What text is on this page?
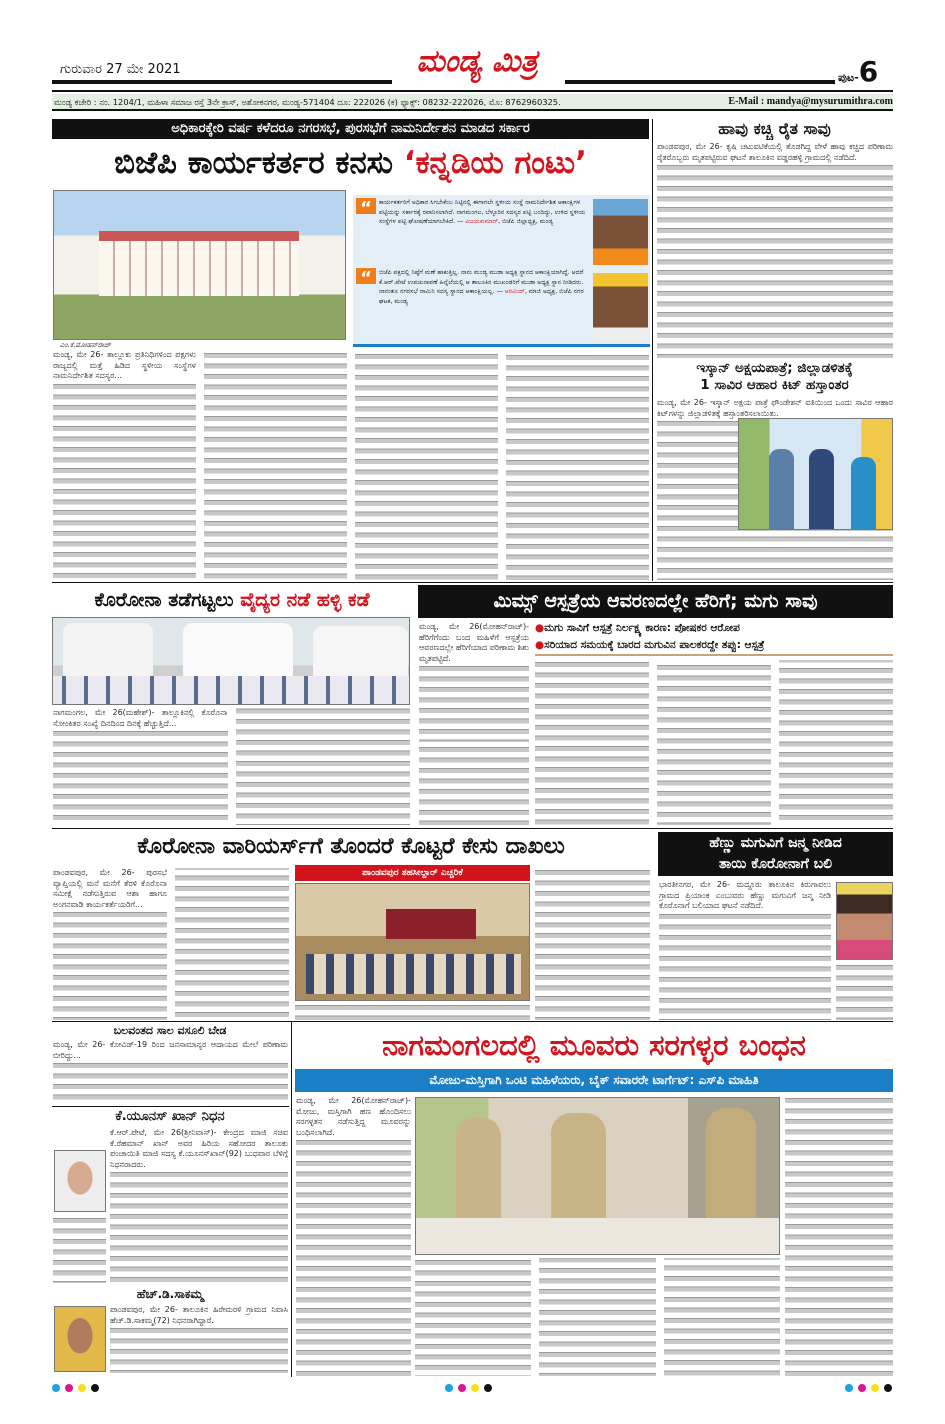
ಗುರುವಾರ 27 ಮೇ 2021	ಮಂಡ್ಯ ಮಿತ್ರ	ಪುಟ-6
ಮಂಡ್ಯ ಕಚೇರಿ : ನಂ. 1204/1, ಮಹಿಳಾ ಸಮಾಜ ರಸ್ತೆ 3ನೇ ಕ್ರಾಸ್, ಅಶೋಕನಗರ, ಮಂಡ್ಯ-571404 ದೂ: 222026 (ಕ) ಫ್ಯಾಕ್ಸ್: 08232-222026, ಮೊ: 8762960325.	E-Mail : mandya@mysurumithra.com
ಅಧಿಕಾರಕ್ಕೇರಿ ವರ್ಷ ಕಳೆದರೂ ನಗರಸಭೆ, ಪುರಸಭೆಗೆ ನಾಮನಿರ್ದೇಶನ ಮಾಡದ ಸರ್ಕಾರ
ಬಿಜೆಪಿ ಕಾರ್ಯಕರ್ತರ ಕನಸು ‘ಕನ್ನಡಿಯ ಗಂಟು’
ಎಂ.ಕೆ.ಮೋಹನ್‌ರಾಜ್
“	ಕಾರ್ಯಕರ್ತರಿಗೆ ಅಧಿಕಾರ ಸಿಗಬೇಕೆಂಬ ನಿಟ್ಟಿನಲ್ಲಿ ಈಗಾಗಲೇ ಸ್ಥಳೀಯ ಸಂಸ್ಥೆ ನಾಮನಿರ್ದೇಶಿತ ಆಕಾಂಕ್ಷಿಗಳ ಪಟ್ಟಿಯನ್ನು ಸರ್ಕಾರಕ್ಕೆ ರವಾನಿಸಲಾಗಿದೆ. ನಾಗಮಂಗಲ, ಬೆಳ್ಳೂರಿನ ಸದಸ್ಯರ ಪಟ್ಟಿ ಬಂದಿದ್ದು, ಉಳಿದ ಸ್ಥಳೀಯ ಸಂಸ್ಥೆಗಳ ಪಟ್ಟಿ ಘೋಷಣೆಯಾಗಬೇಕಿದೆ. — ವಿಜಯಕುಮಾರ್, ಬಿಜೆಪಿ ಜಿಲ್ಲಾಧ್ಯಕ್ಷ, ಮಂಡ್ಯ
“	ಬಿಜೆಪಿ ಪಕ್ಷದಲ್ಲಿ ನಿಷ್ಠೆಗೆ ಮಣೆ ಹಾಕುತ್ತಿಲ್ಲ. ನಾನು ಮಂಡ್ಯ ಮುಡಾ ಅಧ್ಯಕ್ಷ ಸ್ಥಾನದ ಆಕಾಂಕ್ಷಿಯಾಗಿದ್ದೆ. ಆದರೆ ಕೆ.ಆರ್.ಪೇಟೆ ಉಪಚುನಾವಣೆ ಹಿನ್ನೆಲೆಯಲ್ಲಿ ಆ ತಾಲೂಕಿನ ಮುಖಂಡರಿಗೆ ಮುಡಾ ಅಧ್ಯಕ್ಷ ಸ್ಥಾನ ನೀಡಿದರು. ನಾನಂತೂ ನಗರಸಭೆ ನಾಮಿನಿ ಸದಸ್ಯ ಸ್ಥಾನದ ಆಕಾಂಕ್ಷಿಯಲ್ಲ. — ಅರವಿಂದ್, ಮಾಜಿ ಅಧ್ಯಕ್ಷ, ಬಿಜೆಪಿ ನಗರ ಘಟಕ, ಮಂಡ್ಯ
ಮಂಡ್ಯ, ಮೇ 26- ತಾಲ್ಲೂಕು ಪ್ರತಿನಿಧಿಗಳಿಂದ ಪಕ್ಷಗಳು ರಾಜ್ಯದಲ್ಲಿ ಮತ್ತೆ ಹಿಡಿದ ಸ್ಥಳೀಯ ಸಂಸ್ಥೆಗಳ ನಾಮನಿರ್ದೇಶಿತ ಸದಸ್ಯರ...
ಹಾವು ಕಚ್ಚಿ ರೈತ ಸಾವು
ಪಾಂಡವಪುರ, ಮೇ 26- ಕೃಷಿ ಚಟುವಟಿಕೆಯಲ್ಲಿ ತೊಡಗಿದ್ದ ವೇಳೆ ಹಾವು ಕಚ್ಚಿದ ಪರಿಣಾಮ ರೈತರೊಬ್ಬರು ಮೃತಪಟ್ಟಿರುವ ಘಟನೆ ತಾಲೂಕಿನ ವಡ್ಡರಹಳ್ಳಿ ಗ್ರಾಮದಲ್ಲಿ ನಡೆದಿದೆ.
ಇಸ್ಕಾನ್ ಅಕ್ಷಯಪಾತ್ರೆ; ಜಿಲ್ಲಾಡಳಿತಕ್ಕೆ
1 ಸಾವಿರ ಆಹಾರ ಕಿಟ್ ಹಸ್ತಾಂತರ
ಮಂಡ್ಯ, ಮೇ 26- ಇಸ್ಕಾನ್ ಅಕ್ಷಯ ಪಾತ್ರೆ ಫೌಂಡೇಶನ್ ವತಿಯಿಂದ ಒಂದು ಸಾವಿರ ಆಹಾರ ಕಿಟ್‌ಗಳನ್ನು ಜಿಲ್ಲಾಡಳಿತಕ್ಕೆ ಹಸ್ತಾಂತರಿಸಲಾಯಿತು.
ಕೊರೋನಾ ತಡೆಗಟ್ಟಲು ವೈದ್ಯರ ನಡೆ ಹಳ್ಳಿ ಕಡೆ
ನಾಗಮಂಗಲ, ಮೇ 26(ಮಹೇಶ್)- ತಾಲ್ಲೂಕಿನಲ್ಲಿ ಕೊರೊನಾ ಸೋಂಕಿತರ ಸಂಖ್ಯೆ ದಿನದಿಂದ ದಿನಕ್ಕೆ ಹೆಚ್ಚುತ್ತಿದೆ...
ಮಿಮ್ಸ್ ಆಸ್ಪತ್ರೆಯ ಆವರಣದಲ್ಲೇ ಹೆರಿಗೆ; ಮಗು ಸಾವು
ಮಂಡ್ಯ, ಮೇ 26(ಮೋಹನ್‌ರಾಜ್)- ಹೆರಿಗೆಗೆಂದು ಬಂದ ಮಹಿಳೆಗೆ ಆಸ್ಪತ್ರೆಯ ಆವರಣದಲ್ಲೇ ಹೆರಿಗೆಯಾದ ಪರಿಣಾಮ ಶಿಶು ಮೃತಪಟ್ಟಿದೆ.
●ಮಗು ಸಾವಿಗೆ ಆಸ್ಪತ್ರೆ ನಿರ್ಲಕ್ಷ್ಯ ಕಾರಣ: ಪೋಷಕರ ಆರೋಪ
●ಸರಿಯಾದ ಸಮಯಕ್ಕೆ ಬಾರದ ಮಗುವಿನ ಪಾಲಕರದ್ದೇ ತಪ್ಪು: ಆಸ್ಪತ್ರೆ
ಕೊರೋನಾ ವಾರಿಯರ್ಸ್‌ಗೆ ತೊಂದರೆ ಕೊಟ್ಟರೆ ಕೇಸು ದಾಖಲು
ಪಾಂಡವಪುರ, ಮೇ 26- ಪುರಸಭೆ ವ್ಯಾಪ್ತಿಯಲ್ಲಿ ಮನೆ ಮನೆಗೆ ತೆರಳಿ ಕೊರೊನಾ ಸಮೀಕ್ಷೆ ನಡೆಸುತ್ತಿರುವ ಆಶಾ ಹಾಗೂ ಅಂಗನವಾಡಿ ಕಾರ್ಯಕರ್ತೆಯರಿಗೆ...
ಪಾಂಡವಪುರ ತಹಸೀಲ್ದಾರ್ ಎಚ್ಚರಿಕೆ
ಹೆಣ್ಣು ಮಗುವಿಗೆ ಜನ್ಮ ನೀಡಿದ
ತಾಯಿ ಕೊರೋನಾಗೆ ಬಲಿ
ಭಾರತೀನಗರ, ಮೇ 26- ಮದ್ದೂರು ತಾಲೂಕಿನ ಕಿರುಗಾವಲು ಗ್ರಾಮದ ಪ್ರಿಯಾಂಕ ಎಂಬುವರು ಹೆಣ್ಣು ಮಗುವಿಗೆ ಜನ್ಮ ನೀಡಿ ಕೊರೊನಾಗೆ ಬಲಿಯಾದ ಘಟನೆ ನಡೆದಿದೆ.
ಬಲವಂತದ ಸಾಲ ವಸೂಲಿ ಬೇಡ
ಮಂಡ್ಯ, ಮೇ 26- ಕೋವಿಡ್-19 ರಿಂದ ಜನಸಾಮಾನ್ಯರ ಆದಾಯದ ಮೇಲೆ ಪರಿಣಾಮ ಬೀರಿದ್ದು...
ಕೆ.ಯೂನಸ್ ಖಾನ್ ನಿಧನ
ಕೆ.ಆರ್.ಪೇಟೆ, ಮೇ 26(ಶ್ರೀನಿವಾಸ್)- ಕೇಂದ್ರದ ಮಾಜಿ ಸಚಿವ ಕೆ.ರೆಹಮಾನ್ ಖಾನ್ ಅವರ ಹಿರಿಯ ಸಹೋದರ ತಾಲೂಕು ಪಂಚಾಯಿತಿ ಮಾಜಿ ಸದಸ್ಯ ಕೆ.ಯೂನಸ್‌ಖಾನ್(92) ಬುಧವಾರ ಬೆಳಿಗ್ಗೆ ನಿಧನರಾದರು.
ಹೆಚ್.ಡಿ.ಸಾಕಮ್ಮ
ಪಾಂಡವಪುರ, ಮೇ 26- ತಾಲೂಕಿನ ಹಿರೇಮರಳಿ ಗ್ರಾಮದ ನಿವಾಸಿ ಹೆಚ್.ಡಿ.ಸಾಕಮ್ಮ(72) ನಿಧನರಾಗಿದ್ದಾರೆ.
ನಾಗಮಂಗಲದಲ್ಲಿ ಮೂವರು ಸರಗಳ್ಳರ ಬಂಧನ
ಮೋಜು-ಮಸ್ತಿಗಾಗಿ ಒಂಟಿ ಮಹಿಳೆಯರು, ಬೈಕ್ ಸವಾರರೇ ಟಾರ್ಗೆಟ್: ಎಸ್‌ಪಿ ಮಾಹಿತಿ
ಮಂಡ್ಯ, ಮೇ 26(ಮೋಹನ್‌ರಾಜ್)- ಮೋಜು, ಮಸ್ತಿಗಾಗಿ ಹಣ ಹೊಂದಿಸಲು ಸರಗಳ್ಳತನ ನಡೆಸುತ್ತಿದ್ದ ಮೂವರನ್ನು ಬಂಧಿಸಲಾಗಿದೆ.
